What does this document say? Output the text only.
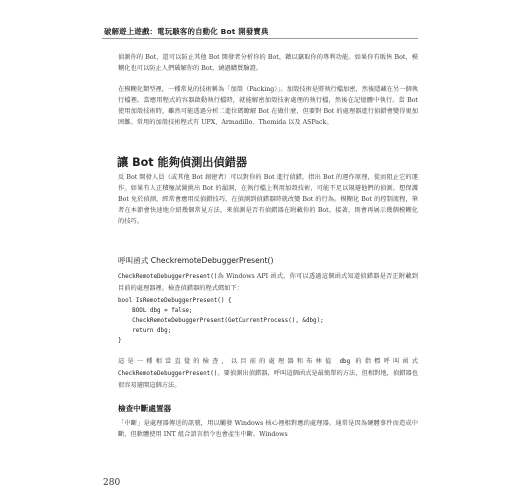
破解遊上遊戲：電玩駭客的自動化 Bot 開發寶典

偵測你的 Bot，還可以防止其他 Bot 開發者分析你的 Bot，藉以竊取你的專利功能。如果你有販售 Bot，模糊化也可以防止人們破解你的 Bot，繞過購買驗證。

在模糊化類型裡，一種常見的技術稱為「加殼（Packing）」。加殼技術是將執行檔加密，然後隱藏在另一個執行檔裡。當應用程式的容器啟動執行檔時，就能解密加殼技術處理的執行檔，然後在記憶體中執行。當 Bot 使用加殼技術時，雖然可能透過分析二進位碼瞭解 Bot 在做什麼，但要對 Bot 的處理器進行偵錯會變得更加困難。常用的加殼技術程式有 UPX、Armadillo、Themida 以及 ASPack。

讓 Bot 能夠偵測出偵錯器

反 Bot 開發人員（或其他 Bot 創建者）可以對你的 Bot 進行偵錯，指出 Bot 的運作原理，從而阻止它的運作。如果有人正積極試圖挑出 Bot 的漏洞，在執行檔上利用加殼技術，可能不足以規避他們的偵測。想保護 Bot 免於偵測，經常會應用反偵錯技巧，在偵測到偵錯器時就改變 Bot 的行為。模糊化 Bot 的控制流程，筆者在本節會快速地介紹幾個常見方法，來偵測是否有偵錯器在附載你的 Bot。接著，則會再展示幾個模糊化的技巧。

呼叫函式 CheckremoteDebuggerPresent()

CheckRemoteDebuggerPresent()為 Windows API 函式，你可以透過這個函式知道偵錯器是否正附載到目前的處理器裡。檢查偵錯器的程式碼如下：

bool IsRemoteDebuggerPresent() {
BOOL dbg = false;
CheckRemoteDebuggerPresent(GetCurrentProcess(), &dbg);
return dbg;
}

這是一種相當直覺的檢查，以目前的處理器和布林值 dbg 的指標呼叫函式CheckRemoteDebuggerPresent()。要偵測出偵錯器，呼叫這個函式是最簡單的方法，但相對地，偵錯器也很容易避開這個方法。

檢查中斷處置器

「中斷」是處理器傳送的訊號，用以觸發 Windows 核心裡相對應的處理器。通常是因為硬體事件而造成中斷，但軟體使用 INT 組合語言指令也會產生中斷。Windows

280
